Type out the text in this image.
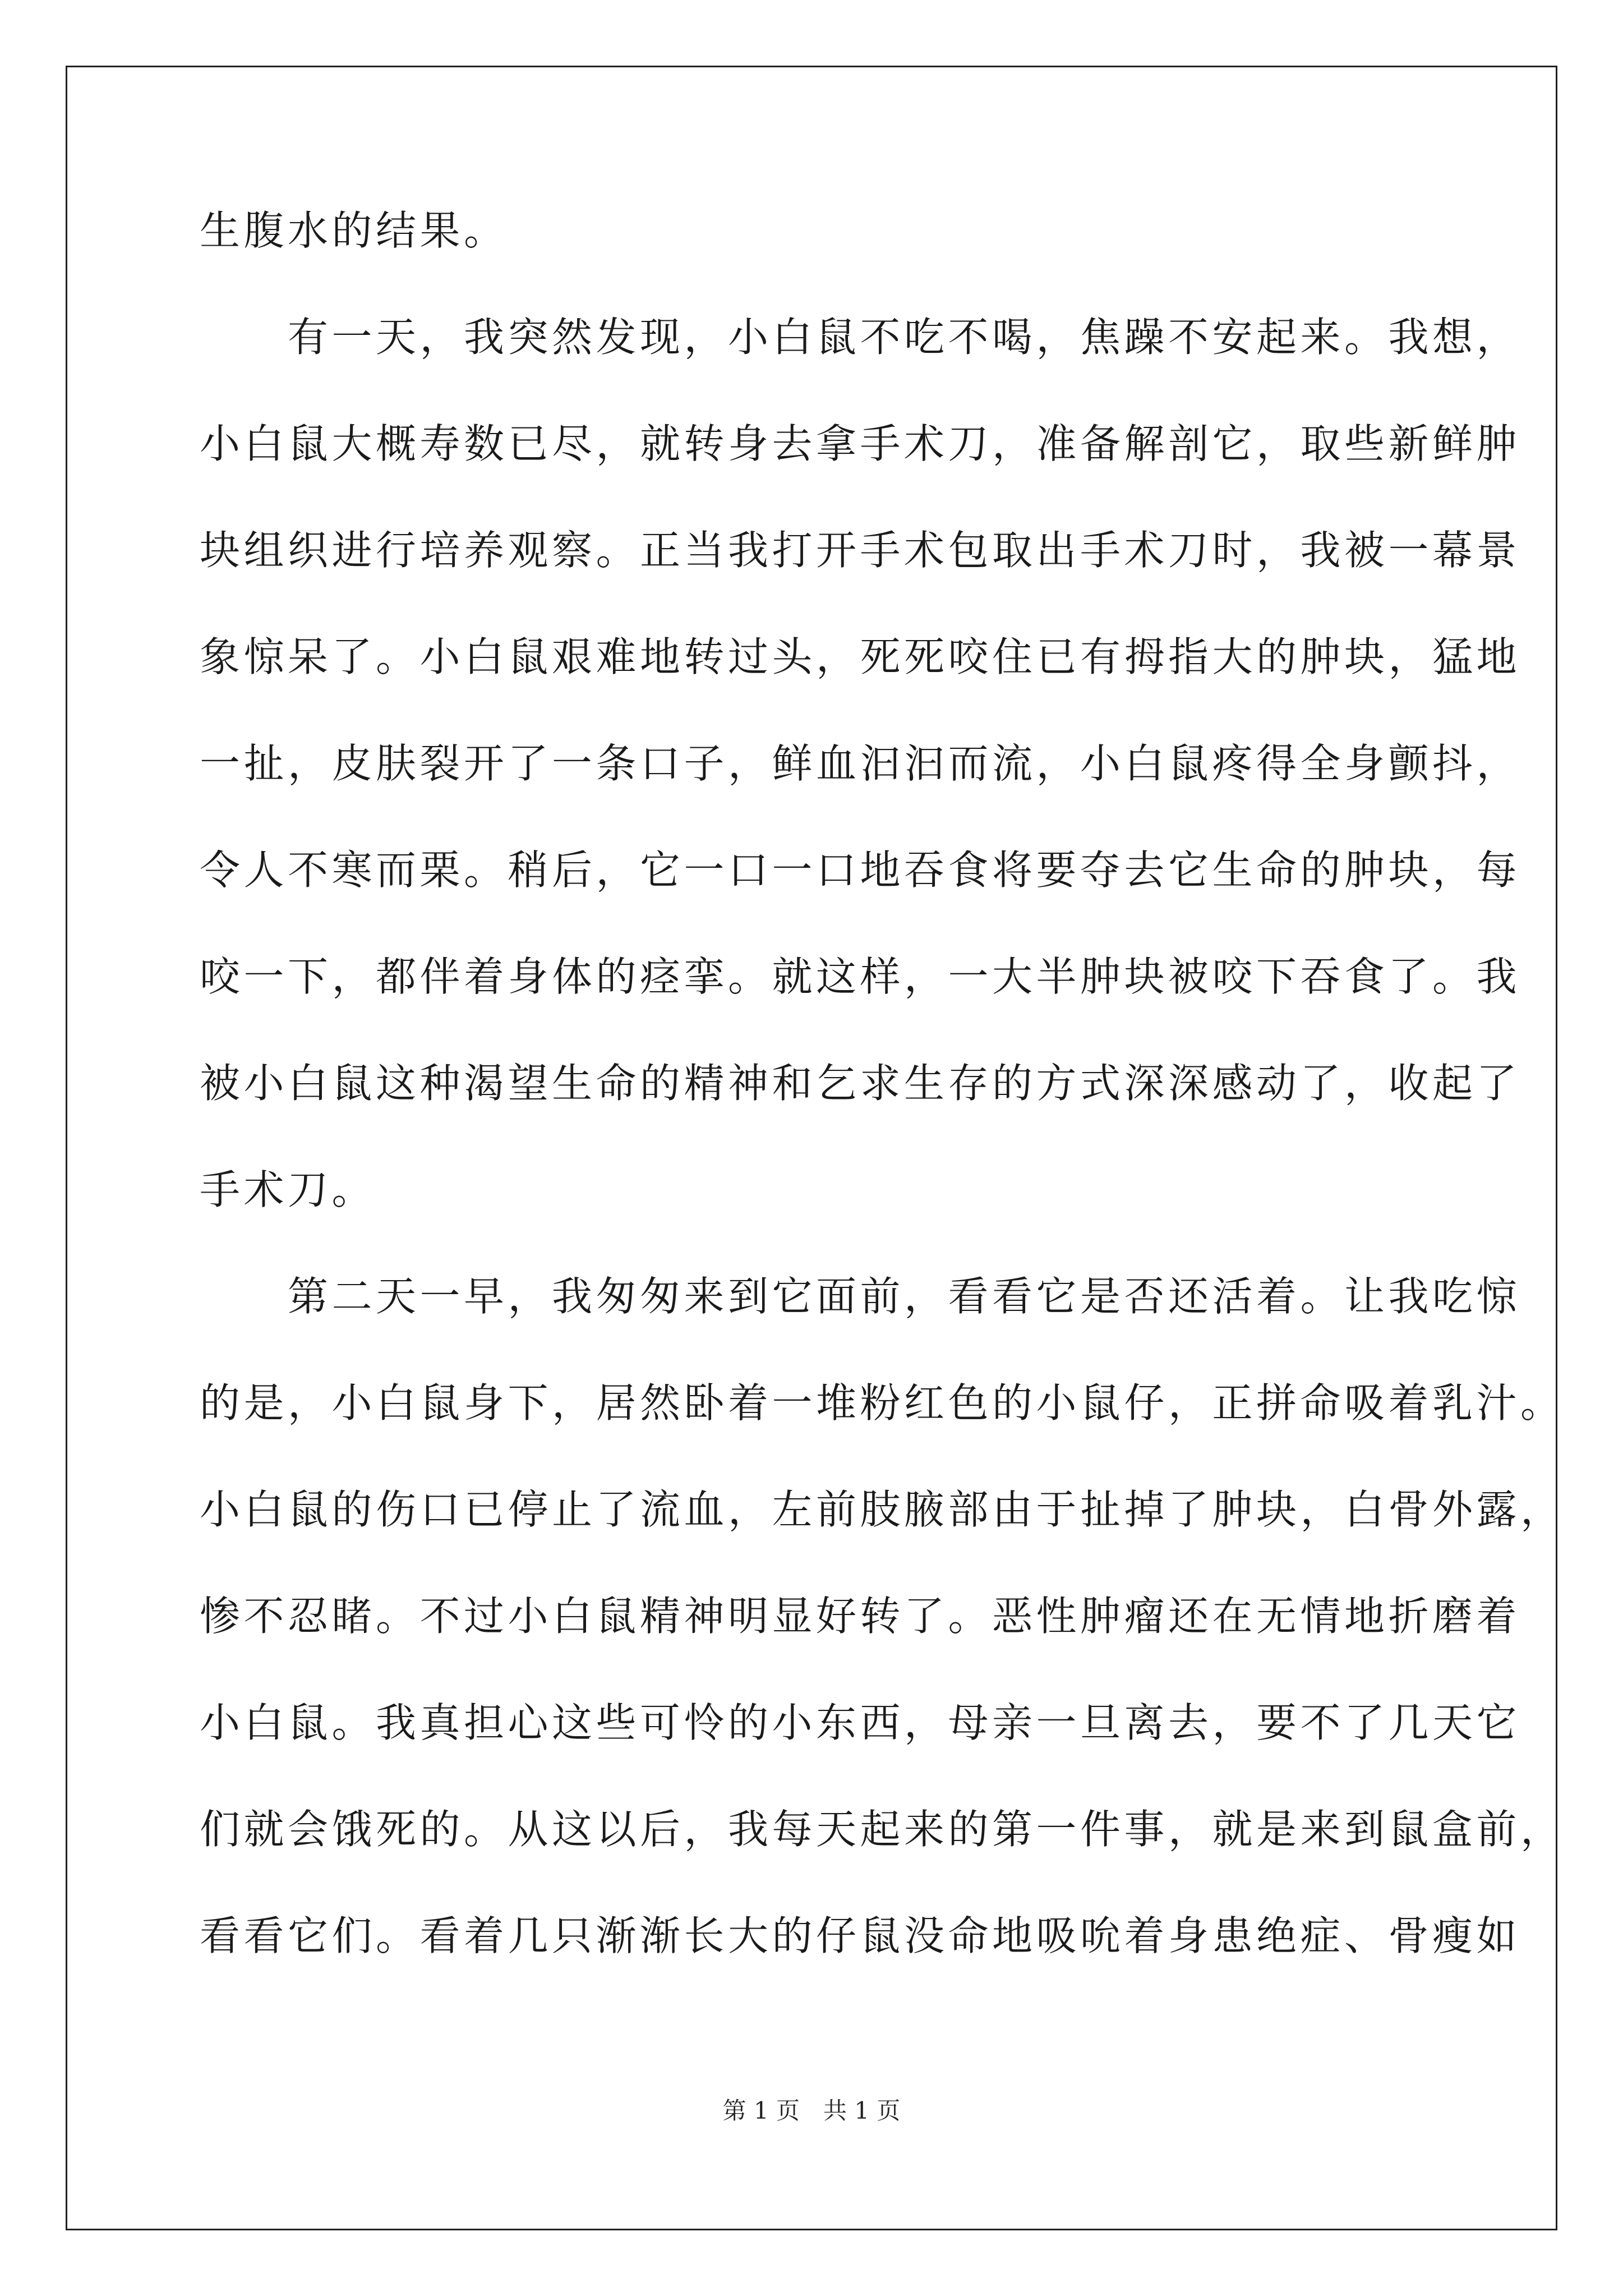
生腹水的结果。
　　有一天，我突然发现，小白鼠不吃不喝，焦躁不安起来。我想，
小白鼠大概寿数已尽，就转身去拿手术刀，准备解剖它，取些新鲜肿
块组织进行培养观察。正当我打开手术包取出手术刀时，我被一幕景
象惊呆了。小白鼠艰难地转过头，死死咬住已有拇指大的肿块，猛地
一扯，皮肤裂开了一条口子，鲜血汩汩而流，小白鼠疼得全身颤抖，
令人不寒而栗。稍后，它一口一口地吞食将要夺去它生命的肿块，每
咬一下，都伴着身体的痉挛。就这样，一大半肿块被咬下吞食了。我
被小白鼠这种渴望生命的精神和乞求生存的方式深深感动了，收起了
手术刀。
　　第二天一早，我匆匆来到它面前，看看它是否还活着。让我吃惊
的是，小白鼠身下，居然卧着一堆粉红色的小鼠仔，正拼命吸着乳汁。
小白鼠的伤口已停止了流血，左前肢腋部由于扯掉了肿块，白骨外露，
惨不忍睹。不过小白鼠精神明显好转了。恶性肿瘤还在无情地折磨着
小白鼠。我真担心这些可怜的小东西，母亲一旦离去，要不了几天它
们就会饿死的。从这以后，我每天起来的第一件事，就是来到鼠盒前，
看看它们。看着几只渐渐长大的仔鼠没命地吸吮着身患绝症、骨瘦如
第 1 页　共 1 页
